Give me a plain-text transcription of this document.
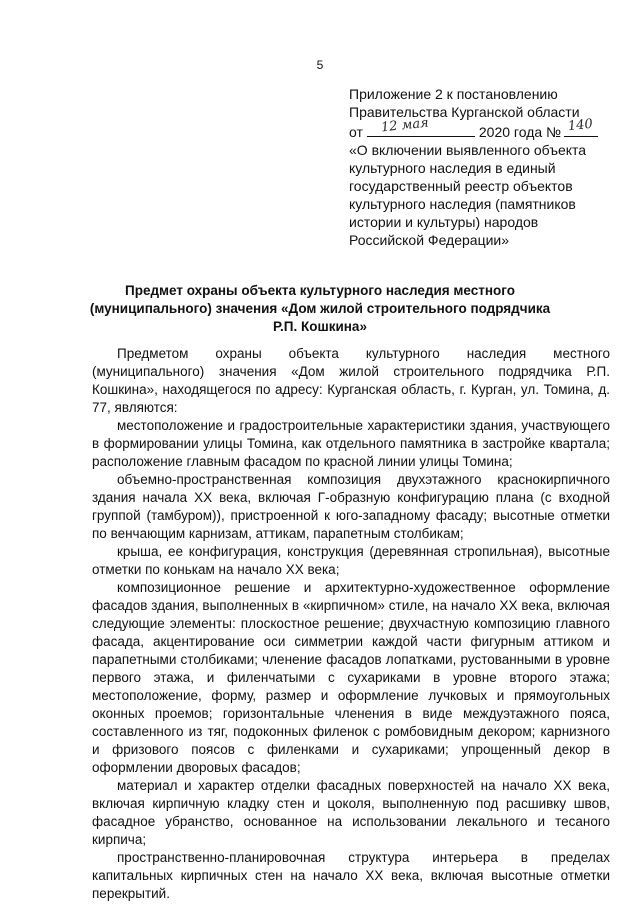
5
Приложение 2 к постановлению
Правительства Курганской области
от 12 мая	2020 года № 140
«О включении выявленного объекта
культурного наследия в единый
государственный реестр объектов
культурного наследия (памятников
истории и культуры) народов
Российской Федерации»
Предмет охраны объекта культурного наследия местного
(муниципального) значения «Дом жилой строительного подрядчика
Р.П. Кошкина»

Предметом охраны объекта культурного наследия местного (муниципального) значения «Дом жилой строительного подрядчика Р.П. Кошкина», находящегося по адресу: Курганская область, г. Курган, ул. Томина, д. 77, являются:

местоположение и градостроительные характеристики здания, участвующего в формировании улицы Томина, как отдельного памятника в застройке квартала; расположение главным фасадом по красной линии улицы Томина;

объемно-пространственная композиция двухэтажного краснокирпичного здания начала XX века, включая Г-образную конфигурацию плана (с входной группой (тамбуром)), пристроенной к юго-западному фасаду; высотные отметки по венчающим карнизам, аттикам, парапетным столбикам;

крыша, ее конфигурация, конструкция (деревянная стропильная), высотные отметки по конькам на начало XX века;

композиционное решение и архитектурно-художественное оформление фасадов здания, выполненных в «кирпичном» стиле, на начало XX века, включая следующие элементы: плоскостное решение; двухчастную композицию главного фасада, акцентирование оси симметрии каждой части фигурным аттиком и парапетными столбиками; членение фасадов лопатками, рустованными в уровне первого этажа, и филенчатыми с сухариками в уровне второго этажа; местоположение, форму, размер и оформление лучковых и прямоугольных оконных проемов; горизонтальные членения в виде междуэтажного пояса, составленного из тяг, подоконных филенок с ромбовидным декором; карнизного и фризового поясов с филенками и сухариками; упрощенный декор в оформлении дворовых фасадов;

материал и характер отделки фасадных поверхностей на начало XX века, включая кирпичную кладку стен и цоколя, выполненную под расшивку швов, фасадное убранство, основанное на использовании лекального и тесаного кирпича;

пространственно-планировочная структура интерьера в пределах капитальных кирпичных стен на начало XX века, включая высотные отметки перекрытий.
